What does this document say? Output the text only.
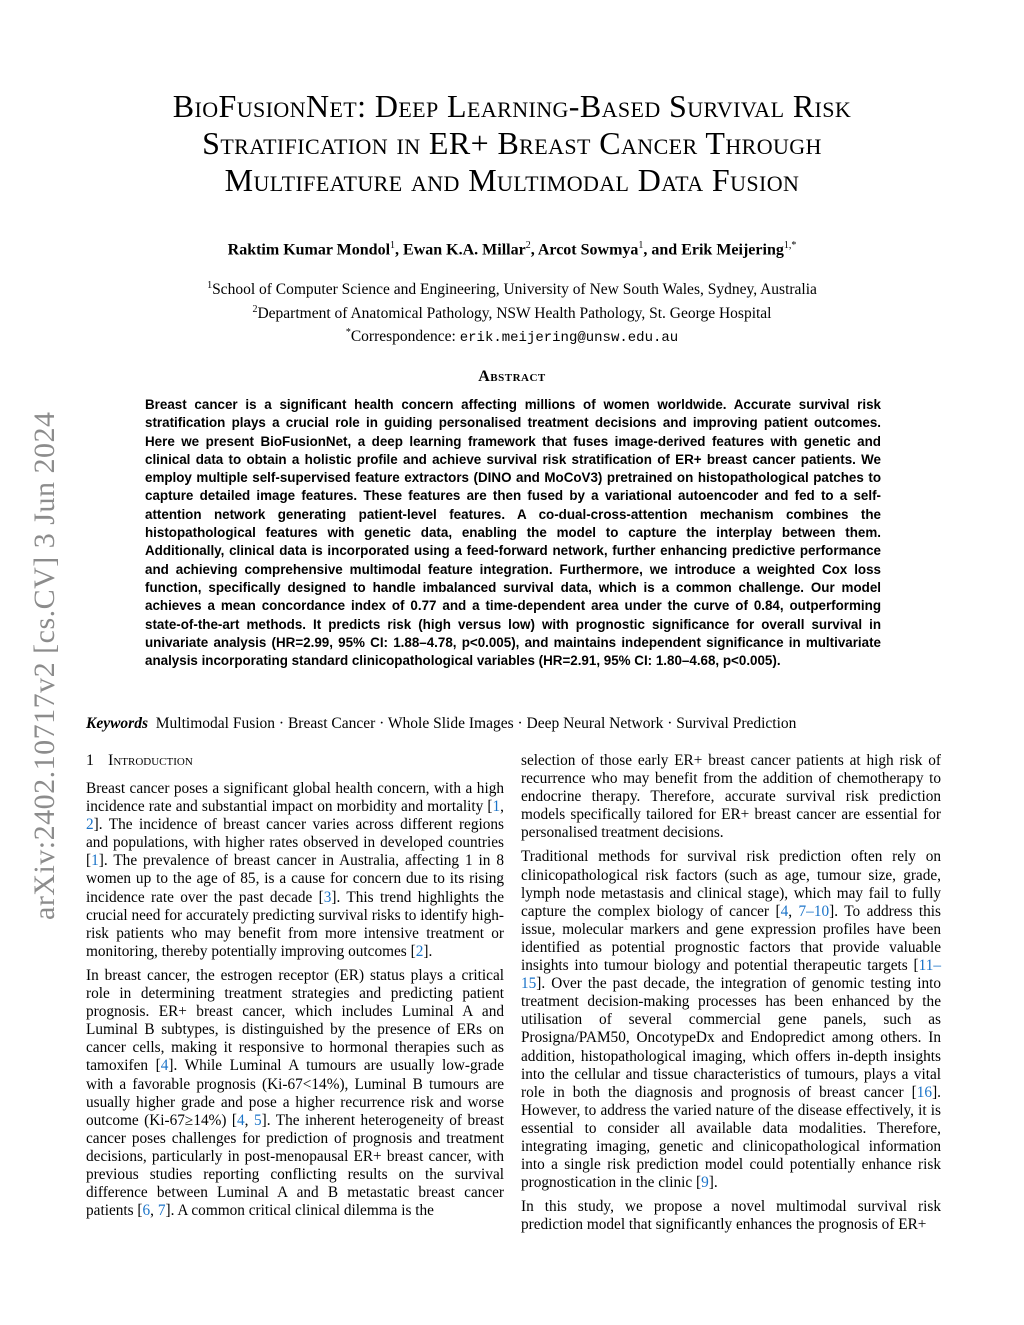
arXiv:2402.10717v2 [cs.CV] 3 Jun 2024
BioFusionNet: Deep Learning-Based Survival Risk
Stratification in ER+ Breast Cancer Through
Multifeature and Multimodal Data Fusion
Raktim Kumar Mondol$^1$, Ewan K.A. Millar$^2$, Arcot Sowmya$^1$, and Erik Meijering$^{1,*}$
$^1$School of Computer Science and Engineering, University of New South Wales, Sydney, Australia
$^2$Department of Anatomical Pathology, NSW Health Pathology, St. George Hospital
*Correspondence: erik.meijering@unsw.edu.au
Abstract
Breast cancer is a significant health concern affecting millions of women worldwide. Accurate survival risk stratification plays a crucial role in guiding personalised treatment decisions and improving patient outcomes. Here we present BioFusionNet, a deep learning framework that fuses image-derived features with genetic and clinical data to obtain a holistic profile and achieve survival risk stratification of ER+ breast cancer patients. We employ multiple self-supervised feature extractors (DINO and MoCoV3) pretrained on histopathological patches to capture detailed image features. These features are then fused by a variational autoencoder and fed to a self-attention network generating patient-level features. A co-dual-cross-attention mechanism combines the histopathological features with genetic data, enabling the model to capture the interplay between them. Additionally, clinical data is incorporated using a feed-forward network, further enhancing predictive performance and achieving comprehensive multimodal feature integration. Furthermore, we introduce a weighted Cox loss function, specifically designed to handle imbalanced survival data, which is a common challenge. Our model achieves a mean concordance index of 0.77 and a time-dependent area under the curve of 0.84, outperforming state-of-the-art methods. It predicts risk (high versus low) with prognostic significance for overall survival in univariate analysis (HR=2.99, 95% CI: 1.88–4.78, p<0.005), and maintains independent significance in multivariate analysis incorporating standard clinicopathological variables (HR=2.91, 95% CI: 1.80–4.68, p<0.005).
Keywords Multimodal Fusion · Breast Cancer · Whole Slide Images · Deep Neural Network · Survival Prediction
1 Introduction

Breast cancer poses a significant global health concern, with a high incidence rate and substantial impact on morbidity and mortality [1, 2]. The incidence of breast cancer varies across different regions and populations, with higher rates observed in developed countries [1]. The prevalence of breast cancer in Australia, affecting 1 in 8 women up to the age of 85, is a cause for concern due to its rising incidence rate over the past decade [3]. This trend highlights the crucial need for accurately predicting survival risks to identify high-risk patients who may benefit from more intensive treatment or monitoring, thereby potentially improving outcomes [2].

In breast cancer, the estrogen receptor (ER) status plays a critical role in determining treatment strategies and predicting patient prognosis. ER+ breast cancer, which includes Luminal A and Luminal B subtypes, is distinguished by the presence of ERs on cancer cells, making it responsive to hormonal therapies such as tamoxifen [4]. While Luminal A tumours are usually low-grade with a favorable prognosis (Ki-67<14%), Luminal B tumours are usually higher grade and pose a higher recurrence risk and worse outcome (Ki-67≥14%) [4, 5]. The inherent heterogeneity of breast cancer poses challenges for prediction of prognosis and treatment decisions, particularly in post-menopausal ER+ breast cancer, with previous studies reporting conflicting results on the survival difference between Luminal A and B metastatic breast cancer patients [6, 7]. A common critical clinical dilemma is the

selection of those early ER+ breast cancer patients at high risk of recurrence who may benefit from the addition of chemotherapy to endocrine therapy. Therefore, accurate survival risk prediction models specifically tailored for ER+ breast cancer are essential for personalised treatment decisions.

Traditional methods for survival risk prediction often rely on clinicopathological risk factors (such as age, tumour size, grade, lymph node metastasis and clinical stage), which may fail to fully capture the complex biology of cancer [4, 7–10]. To address this issue, molecular markers and gene expression profiles have been identified as potential prognostic factors that provide valuable insights into tumour biology and potential therapeutic targets [11–15]. Over the past decade, the integration of genomic testing into treatment decision-making processes has been enhanced by the utilisation of several commercial gene panels, such as Prosigna/PAM50, OncotypeDx and Endopredict among others. In addition, histopathological imaging, which offers in-depth insights into the cellular and tissue characteristics of tumours, plays a vital role in both the diagnosis and prognosis of breast cancer [16]. However, to address the varied nature of the disease effectively, it is essential to consider all available data modalities. Therefore, integrating imaging, genetic and clinicopathological information into a single risk prediction model could potentially enhance risk prognostication in the clinic [9].

In this study, we propose a novel multimodal survival risk prediction model that significantly enhances the prognosis of ER+
